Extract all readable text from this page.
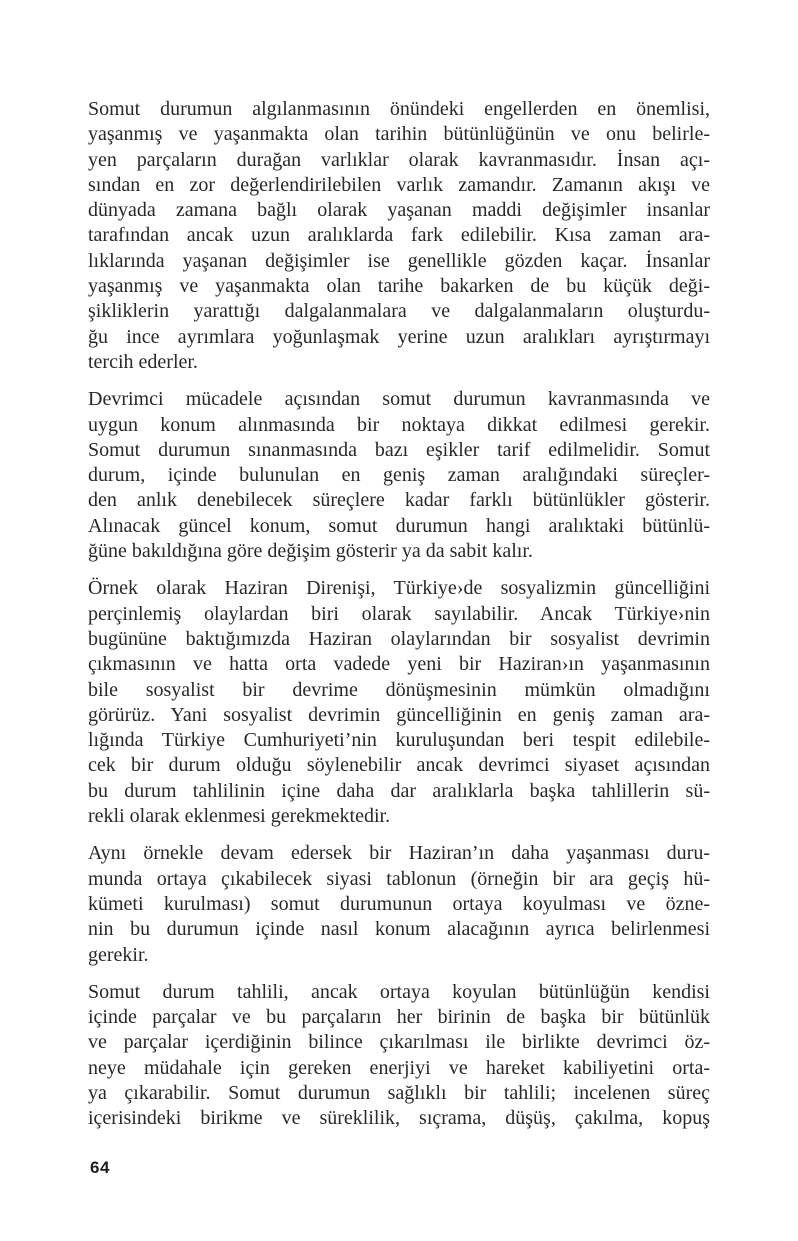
Somut durumun algılanmasının önündeki engellerden en önemlisi,
yaşanmış ve yaşanmakta olan tarihin bütünlüğünün ve onu belirle-
yen parçaların durağan varlıklar olarak kavranmasıdır. İnsan açı-
sından en zor değerlendirilebilen varlık zamandır. Zamanın akışı ve
dünyada zamana bağlı olarak yaşanan maddi değişimler insanlar
tarafından ancak uzun aralıklarda fark edilebilir. Kısa zaman ara-
lıklarında yaşanan değişimler ise genellikle gözden kaçar. İnsanlar
yaşanmış ve yaşanmakta olan tarihe bakarken de bu küçük deği-
şikliklerin yarattığı dalgalanmalara ve dalgalanmaların oluşturdu-
ğu ince ayrımlara yoğunlaşmak yerine uzun aralıkları ayrıştırmayı
tercih ederler.
Devrimci mücadele açısından somut durumun kavranmasında ve
uygun konum alınmasında bir noktaya dikkat edilmesi gerekir.
Somut durumun sınanmasında bazı eşikler tarif edilmelidir. Somut
durum, içinde bulunulan en geniş zaman aralığındaki süreçler-
den anlık denebilecek süreçlere kadar farklı bütünlükler gösterir.
Alınacak güncel konum, somut durumun hangi aralıktaki bütünlü-
ğüne bakıldığına göre değişim gösterir ya da sabit kalır.
Örnek olarak Haziran Direnişi, Türkiye›de sosyalizmin güncelliğini
perçinlemiş olaylardan biri olarak sayılabilir. Ancak Türkiye›nin
bugününe baktığımızda Haziran olaylarından bir sosyalist devrimin
çıkmasının ve hatta orta vadede yeni bir Haziran›ın yaşanmasının
bile sosyalist bir devrime dönüşmesinin mümkün olmadığını
görürüz. Yani sosyalist devrimin güncelliğinin en geniş zaman ara-
lığında Türkiye Cumhuriyeti’nin kuruluşundan beri tespit edilebile-
cek bir durum olduğu söylenebilir ancak devrimci siyaset açısından
bu durum tahlilinin içine daha dar aralıklarla başka tahlillerin sü-
rekli olarak eklenmesi gerekmektedir.
Aynı örnekle devam edersek bir Haziran’ın daha yaşanması duru-
munda ortaya çıkabilecek siyasi tablonun (örneğin bir ara geçiş hü-
kümeti kurulması) somut durumunun ortaya koyulması ve özne-
nin bu durumun içinde nasıl konum alacağının ayrıca belirlenmesi
gerekir.
Somut durum tahlili, ancak ortaya koyulan bütünlüğün kendisi
içinde parçalar ve bu parçaların her birinin de başka bir bütünlük
ve parçalar içerdiğinin bilince çıkarılması ile birlikte devrimci öz-
neye müdahale için gereken enerjiyi ve hareket kabiliyetini orta-
ya çıkarabilir. Somut durumun sağlıklı bir tahlili; incelenen süreç
içerisindeki birikme ve süreklilik, sıçrama, düşüş, çakılma, kopuş
64
